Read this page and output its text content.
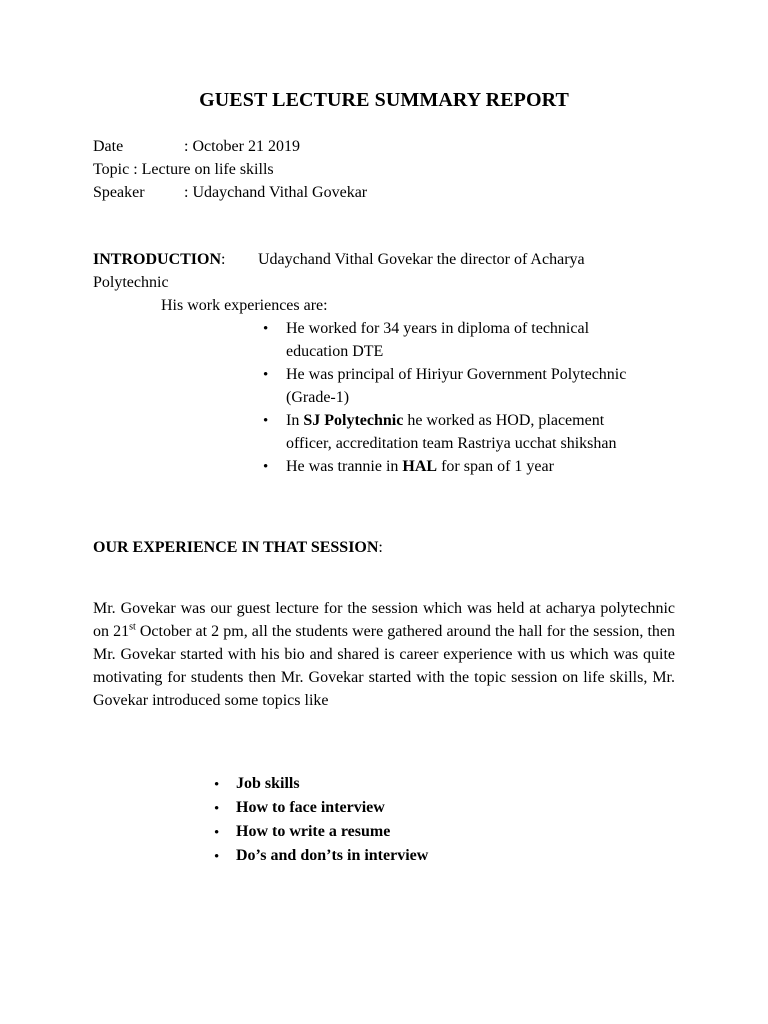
GUEST LECTURE SUMMARY REPORT
Date	: October 21 2019
Topic : Lecture on life skills
Speaker : Udaychand Vithal Govekar
INTRODUCTION: Udaychand Vithal Govekar the director of Acharya
Polytechnic
His work experiences are:
• He worked for 34 years in diploma of technical
education DTE
• He was principal of Hiriyur Government Polytechnic
(Grade-1)
• In SJ Polytechnic he worked as HOD, placement
officer, accreditation team Rastriya ucchat shikshan
• He was trannie in HAL for span of 1 year
OUR EXPERIENCE IN THAT SESSION:
Mr. Govekar was our guest lecture for the session which was held at acharya polytechnic on 21st October at 2 pm, all the students were gathered around the hall for the session, then Mr. Govekar started with his bio and shared is career experience with us which was quite motivating for students then Mr. Govekar started with the topic session on life skills, Mr. Govekar introduced some topics like
• Job skills
• How to face interview
• How to write a resume
• Do’s and don’ts in interview
